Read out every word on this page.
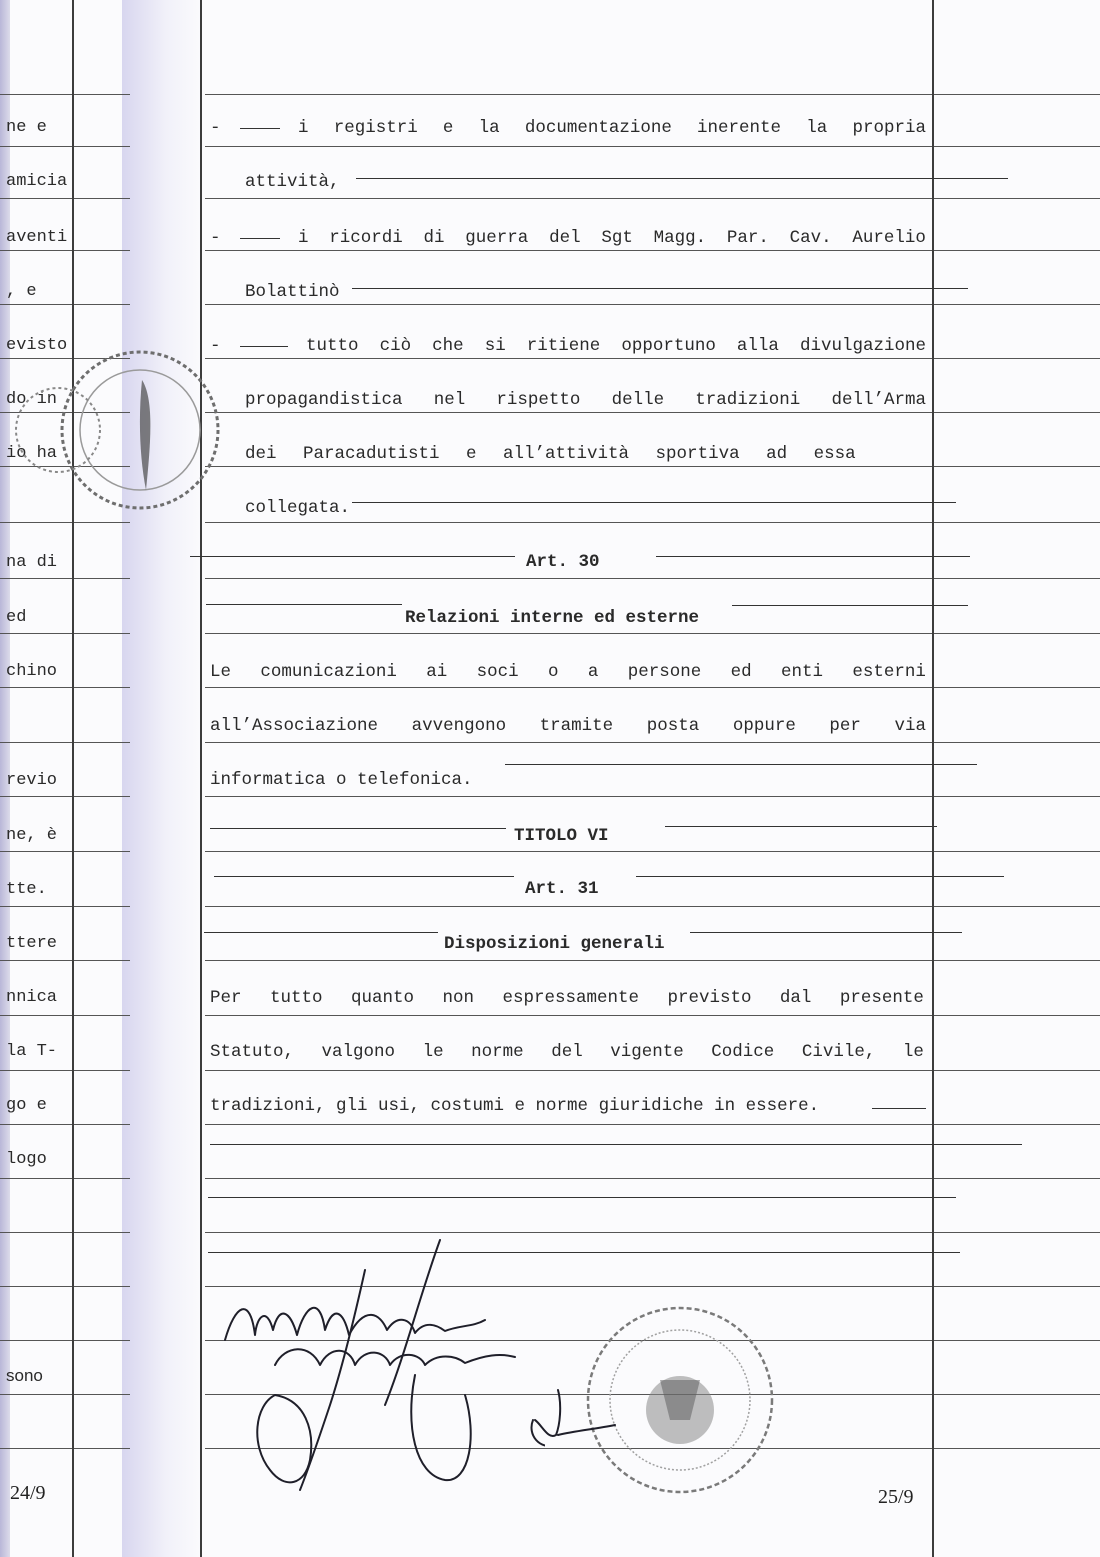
ne e
amicia
aventi
, e
evisto
do in
io ha
na di
ed
chino
revio
ne, è
tte.
ttere
nnica
la T-
go e
logo
sono
24/9
-	i registri e la documentazione inerente la propria
attività,
-	i ricordi di guerra del Sgt Magg. Par. Cav. Aurelio
Bolattinò
-	tutto ciò che si ritiene opportuno alla divulgazione
propagandistica nel rispetto delle tradizioni dell’Arma
dei Paracadutisti e all’attività sportiva ad essa
collegata.
Art. 30
Relazioni interne ed esterne
Le comunicazioni ai soci o a persone ed enti esterni
all’Associazione avvengono tramite posta oppure per via
informatica o telefonica.
TITOLO VI
Art. 31
Disposizioni generali
Per tutto quanto non espressamente previsto dal presente
Statuto, valgono le norme del vigente Codice Civile, le
tradizioni, gli usi, costumi e norme giuridiche in essere.
25/9
